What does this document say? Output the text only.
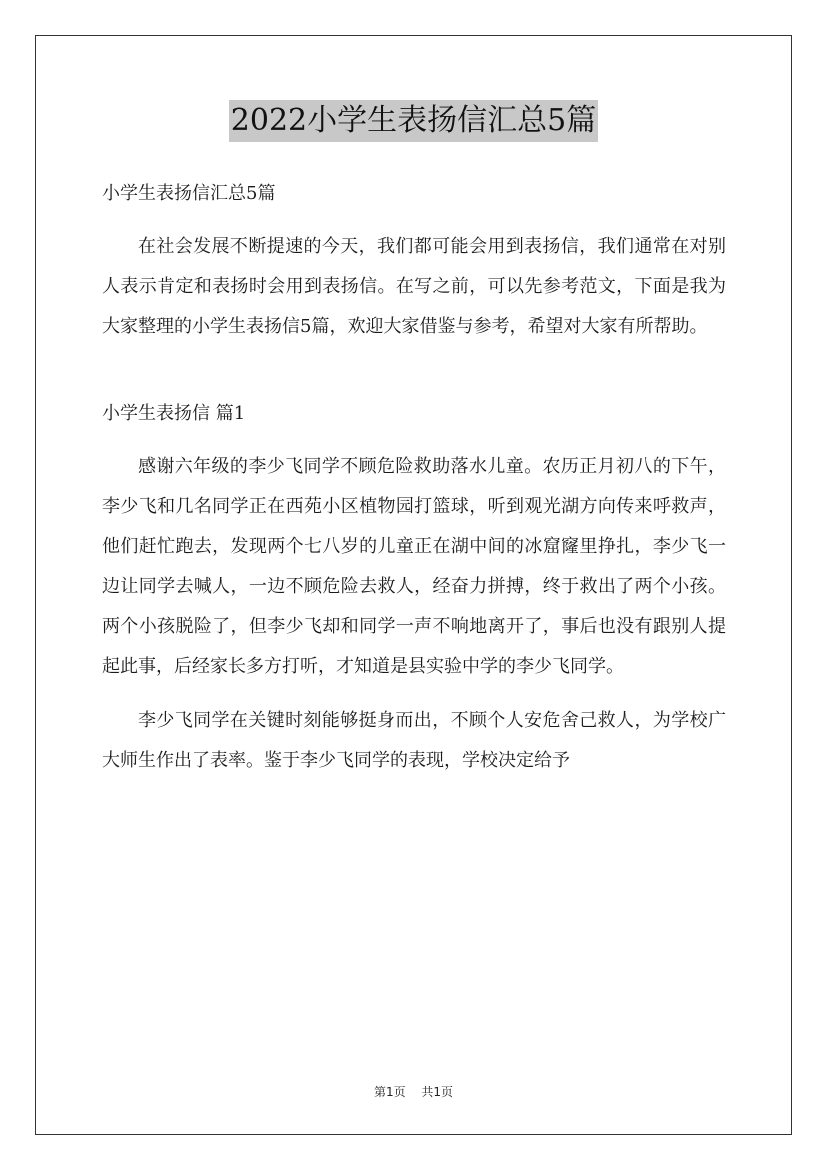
2022小学生表扬信汇总5篇

小学生表扬信汇总5篇

在社会发展不断提速的今天，我们都可能会用到表扬信，我们通常在对别人表示肯定和表扬时会用到表扬信。在写之前，可以先参考范文，下面是我为大家整理的小学生表扬信5篇，欢迎大家借鉴与参考，希望对大家有所帮助。

小学生表扬信 篇1

感谢六年级的李少飞同学不顾危险救助落水儿童。农历正月初八的下午，李少飞和几名同学正在西苑小区植物园打篮球，听到观光湖方向传来呼救声，他们赶忙跑去，发现两个七八岁的儿童正在湖中间的冰窟窿里挣扎，李少飞一边让同学去喊人，一边不顾危险去救人，经奋力拼搏，终于救出了两个小孩。两个小孩脱险了，但李少飞却和同学一声不响地离开了，事后也没有跟别人提起此事，后经家长多方打听，才知道是县实验中学的李少飞同学。

李少飞同学在关键时刻能够挺身而出，不顾个人安危舍己救人，为学校广大师生作出了表率。鉴于李少飞同学的表现，学校决定给予

第1页 共1页
